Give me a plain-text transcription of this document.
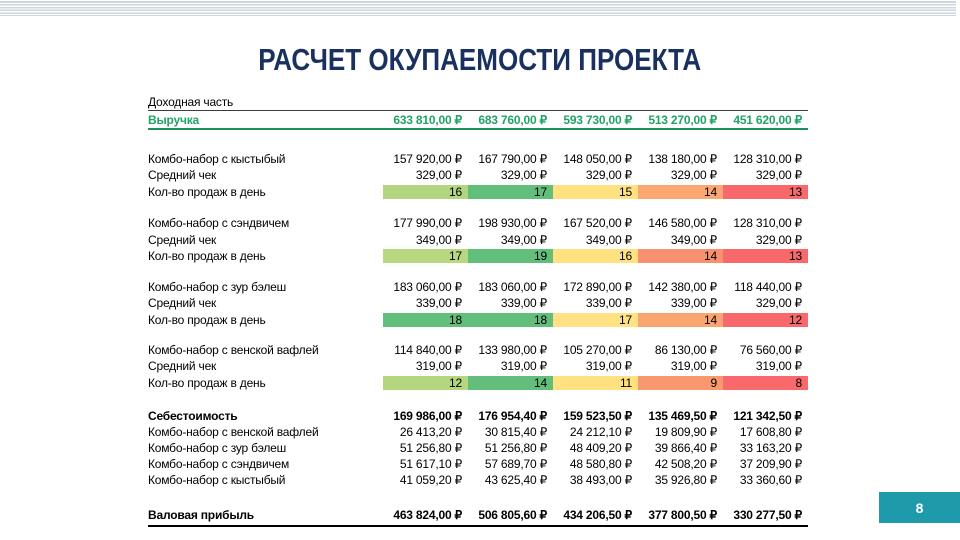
РАСЧЕТ ОКУПАЕМОСТИ ПРОЕКТА
Доходная часть
Выручка	633 810,00 ₽	683 760,00 ₽	593 730,00 ₽	513 270,00 ₽	451 620,00 ₽
Комбо-набор с кыстыбый	157 920,00 ₽	167 790,00 ₽	148 050,00 ₽	138 180,00 ₽	128 310,00 ₽
Средний чек	329,00 ₽	329,00 ₽	329,00 ₽	329,00 ₽	329,00 ₽
Кол-во продаж в день	16	17	15	14	13
Комбо-набор с сэндвичем	177 990,00 ₽	198 930,00 ₽	167 520,00 ₽	146 580,00 ₽	128 310,00 ₽
Средний чек	349,00 ₽	349,00 ₽	349,00 ₽	349,00 ₽	329,00 ₽
Кол-во продаж в день	17	19	16	14	13
Комбо-набор с зур бэлеш	183 060,00 ₽	183 060,00 ₽	172 890,00 ₽	142 380,00 ₽	118 440,00 ₽
Средний чек	339,00 ₽	339,00 ₽	339,00 ₽	339,00 ₽	329,00 ₽
Кол-во продаж в день	18	18	17	14	12
Комбо-набор с венской вафлей	114 840,00 ₽	133 980,00 ₽	105 270,00 ₽	86 130,00 ₽	76 560,00 ₽
Средний чек	319,00 ₽	319,00 ₽	319,00 ₽	319,00 ₽	319,00 ₽
Кол-во продаж в день	12	14	11	9	8
Себестоимость	169 986,00 ₽	176 954,40 ₽	159 523,50 ₽	135 469,50 ₽	121 342,50 ₽
Комбо-набор с венской вафлей	26 413,20 ₽	30 815,40 ₽	24 212,10 ₽	19 809,90 ₽	17 608,80 ₽
Комбо-набор с зур бэлеш	51 256,80 ₽	51 256,80 ₽	48 409,20 ₽	39 866,40 ₽	33 163,20 ₽
Комбо-набор с сэндвичем	51 617,10 ₽	57 689,70 ₽	48 580,80 ₽	42 508,20 ₽	37 209,90 ₽
Комбо-набор с кыстыбый	41 059,20 ₽	43 625,40 ₽	38 493,00 ₽	35 926,80 ₽	33 360,60 ₽
Валовая прибыль	463 824,00 ₽	506 805,60 ₽	434 206,50 ₽	377 800,50 ₽	330 277,50 ₽	8
